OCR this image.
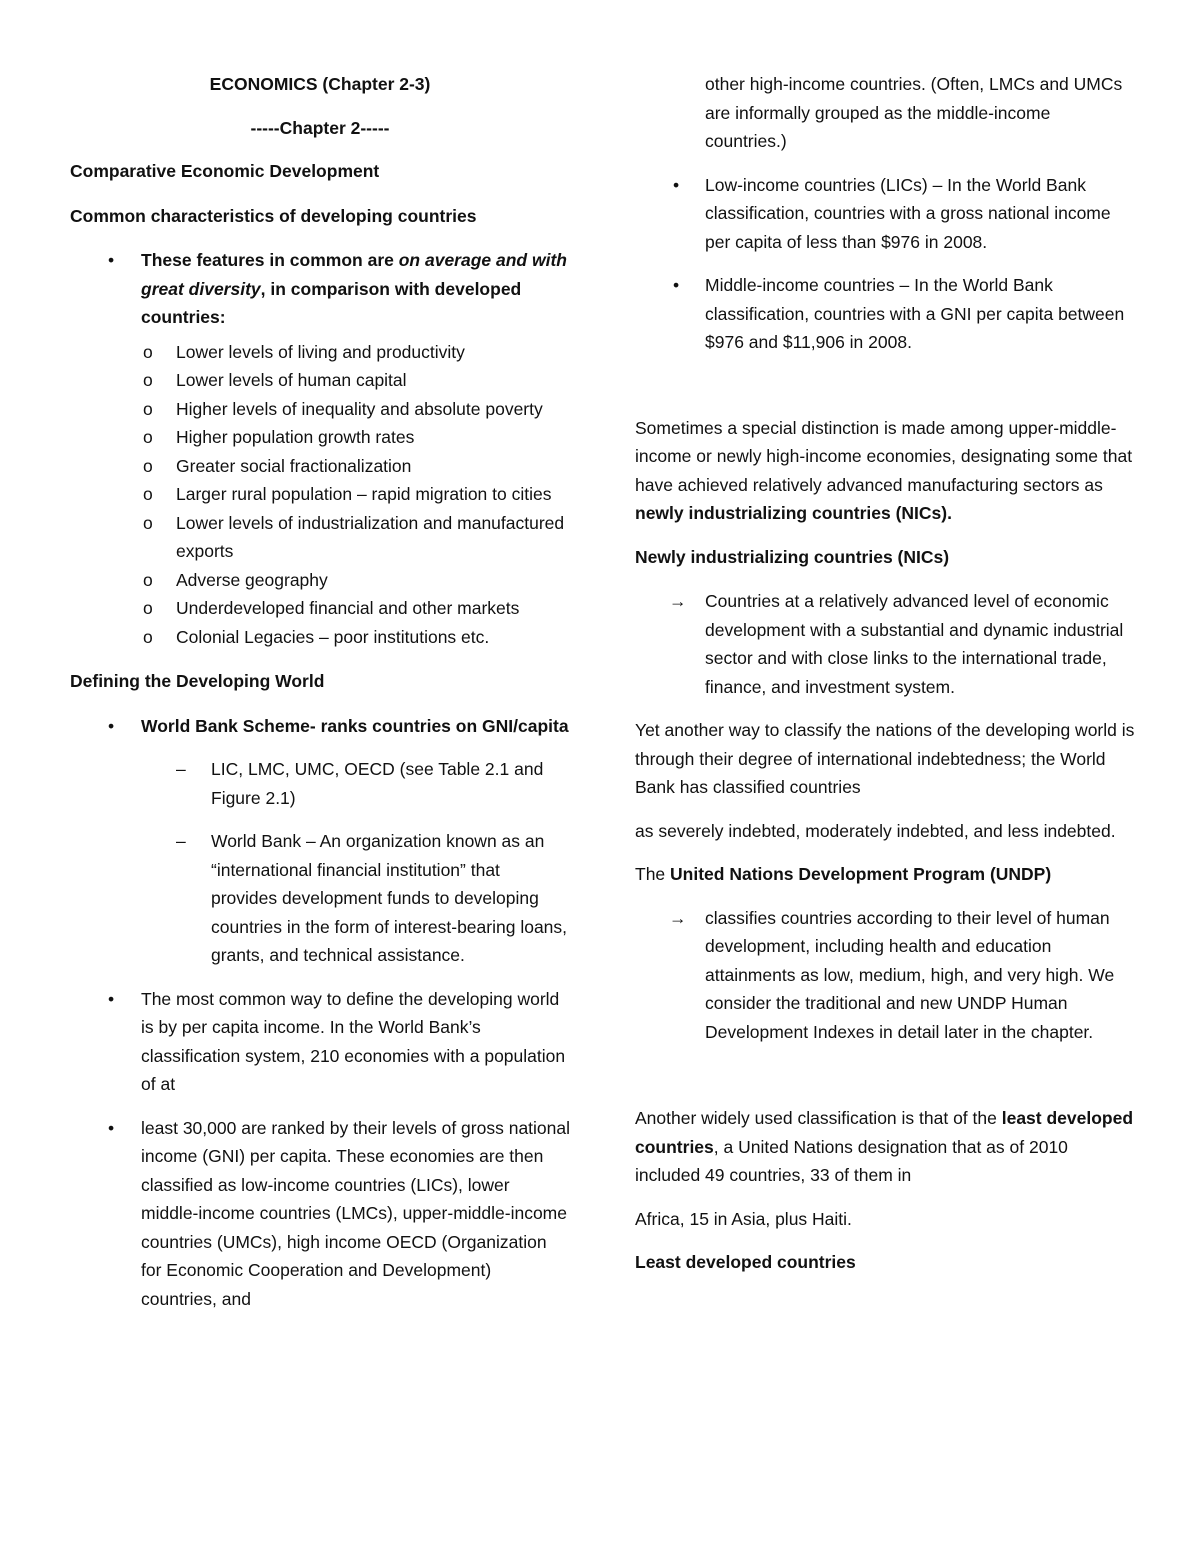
ECONOMICS (Chapter 2-3)

-----Chapter 2-----

Comparative Economic Development

Common characteristics of developing countries

• These features in common are on average and with great diversity, in comparison with developed countries:
o Lower levels of living and productivity
o Lower levels of human capital
o Higher levels of inequality and absolute poverty
o Higher population growth rates
o Greater social fractionalization
o Larger rural population – rapid migration to cities
o Lower levels of industrialization and manufactured exports
o Adverse geography
o Underdeveloped financial and other markets
o Colonial Legacies – poor institutions etc.

Defining the Developing World

• World Bank Scheme- ranks countries on GNI/capita
– LIC, LMC, UMC, OECD (see Table 2.1 and Figure 2.1)
– World Bank – An organization known as an “international financial institution” that provides development funds to developing countries in the form of interest-bearing loans, grants, and technical assistance.
• The most common way to define the developing world is by per capita income. In the World Bank’s classification system, 210 economies with a population of at
• least 30,000 are ranked by their levels of gross national income (GNI) per capita. These economies are then classified as low-income countries (LICs), lower middle-income countries (LMCs), upper-middle-income countries (UMCs), high income OECD (Organization for Economic Cooperation and Development) countries, and

other high-income countries. (Often, LMCs and UMCs are informally grouped as the middle-income countries.)

• Low-income countries (LICs) – In the World Bank classification, countries with a gross national income per capita of less than $976 in 2008.
• Middle-income countries – In the World Bank classification, countries with a GNI per capita between $976 and $11,906 in 2008.

Sometimes a special distinction is made among upper-middle-income or newly high-income economies, designating some that have achieved relatively advanced manufacturing sectors as newly industrializing countries (NICs).

Newly industrializing countries (NICs)

→ Countries at a relatively advanced level of economic development with a substantial and dynamic industrial sector and with close links to the international trade, finance, and investment system.

Yet another way to classify the nations of the developing world is through their degree of international indebtedness; the World Bank has classified countries

as severely indebted, moderately indebted, and less indebted.

The United Nations Development Program (UNDP)

→ classifies countries according to their level of human development, including health and education attainments as low, medium, high, and very high. We consider the traditional and new UNDP Human Development Indexes in detail later in the chapter.

Another widely used classification is that of the least developed countries, a United Nations designation that as of 2010 included 49 countries, 33 of them in

Africa, 15 in Asia, plus Haiti.

Least developed countries
